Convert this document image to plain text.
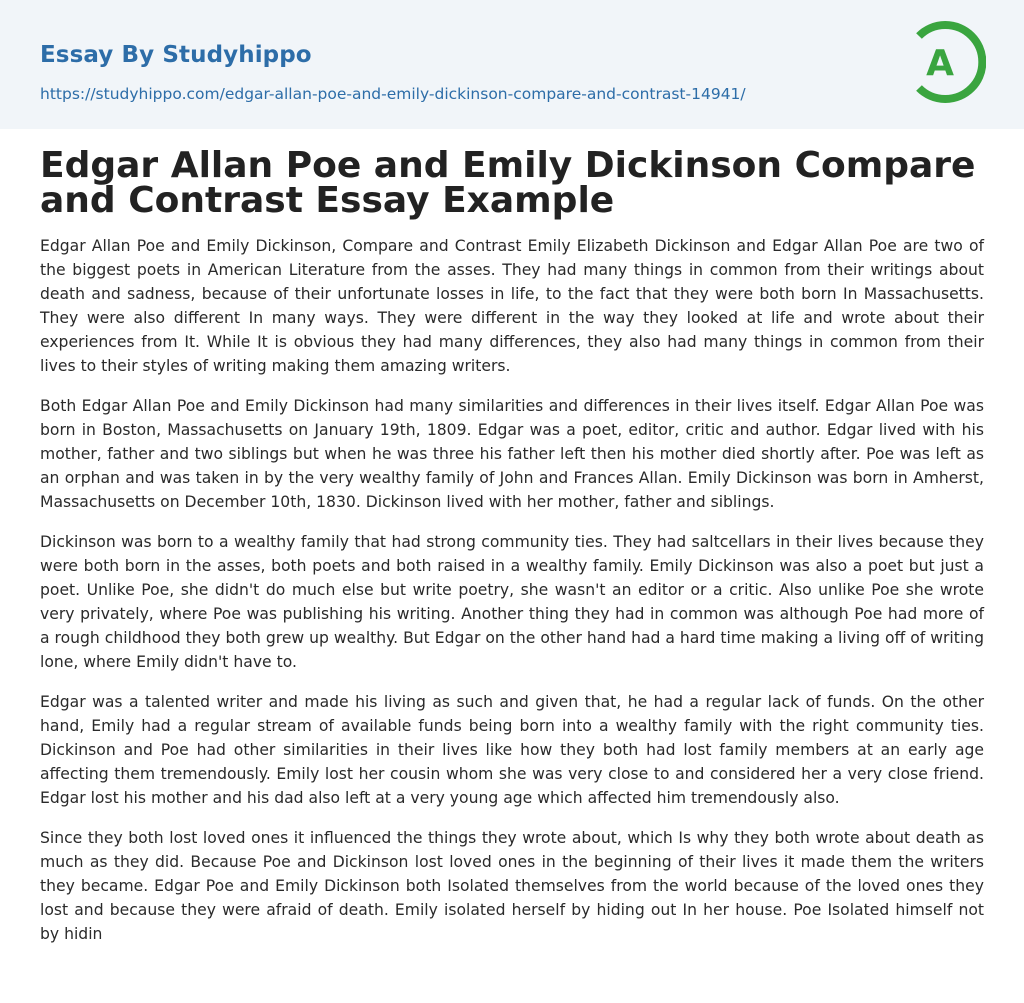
Essay By Studyhippo
https://studyhippo.com/edgar-allan-poe-and-emily-dickinson-compare-and-contrast-14941/
A
Edgar Allan Poe and Emily Dickinson Compare and Contrast Essay Example

Edgar Allan Poe and Emily Dickinson, Compare and Contrast Emily Elizabeth Dickinson and Edgar Allan Poe are two of the biggest poets in American Literature from the asses. They had many things in common from their writings about death and sadness, because of their unfortunate losses in life, to the fact that they were both born In Massachusetts. They were also different In many ways. They were different in the way they looked at life and wrote about their experiences from It. While It is obvious they had many differences, they also had many things in common from their lives to their styles of writing making them amazing writers.

Both Edgar Allan Poe and Emily Dickinson had many similarities and differences in their lives itself. Edgar Allan Poe was born in Boston, Massachusetts on January 19th, 1809. Edgar was a poet, editor, critic and author. Edgar lived with his mother, father and two siblings but when he was three his father left then his mother died shortly after. Poe was left as an orphan and was taken in by the very wealthy family of John and Frances Allan. Emily Dickinson was born in Amherst, Massachusetts on December 10th, 1830. Dickinson lived with her mother, father and siblings.

Dickinson was born to a wealthy family that had strong community ties. They had saltcellars in their lives because they were both born in the asses, both poets and both raised in a wealthy family. Emily Dickinson was also a poet but just a poet. Unlike Poe, she didn't do much else but write poetry, she wasn't an editor or a critic. Also unlike Poe she wrote very privately, where Poe was publishing his writing. Another thing they had in common was although Poe had more of a rough childhood they both grew up wealthy. But Edgar on the other hand had a hard time making a living off of writing lone, where Emily didn't have to.

Edgar was a talented writer and made his living as such and given that, he had a regular lack of funds. On the other hand, Emily had a regular stream of available funds being born into a wealthy family with the right community ties. Dickinson and Poe had other similarities in their lives like how they both had lost family members at an early age affecting them tremendously. Emily lost her cousin whom she was very close to and considered her a very close friend. Edgar lost his mother and his dad also left at a very young age which affected him tremendously also.

Since they both lost loved ones it influenced the things they wrote about, which Is why they both wrote about death as much as they did. Because Poe and Dickinson lost loved ones in the beginning of their lives it made them the writers they became. Edgar Poe and Emily Dickinson both Isolated themselves from the world because of the loved ones they lost and because they were afraid of death. Emily isolated herself by hiding out In her house. Poe Isolated himself not by hidin
